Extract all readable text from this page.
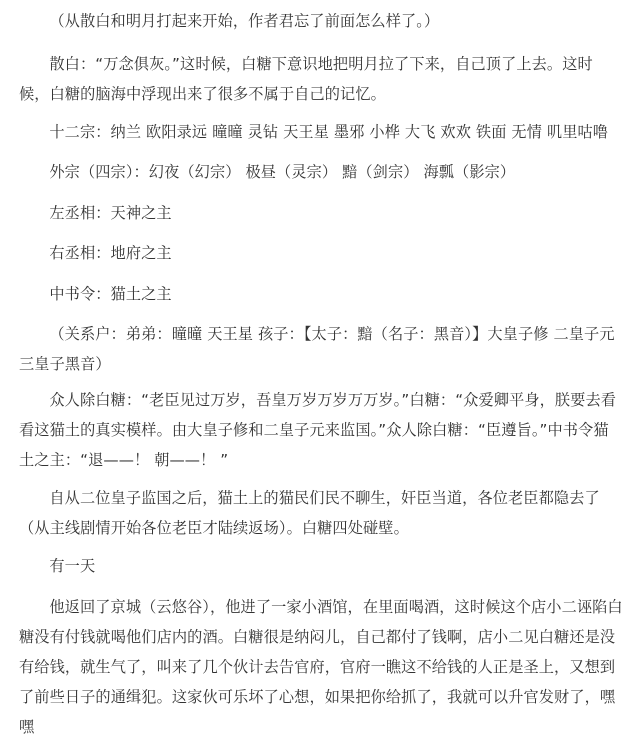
（从散白和明月打起来开始，作者君忘了前面怎么样了。）

散白：“万念俱灰。”这时候，白糖下意识地把明月拉了下来，自己顶了上去。这时候，白糖的脑海中浮现出来了很多不属于自己的记忆。

十二宗：纳兰 欧阳录远 曈曈 灵钻 天王星 墨邪 小桦 大飞 欢欢 铁面 无情 叽里咕噜

外宗（四宗）：幻夜（幻宗） 极昼（灵宗） 黯（剑宗） 海瓢（影宗）

左丞相：天神之主

右丞相：地府之主

中书令：猫土之主

（关系户：弟弟：曈曈 天王星 孩子：【太子：黯（名子：黑音）】大皇子修 二皇子元 三皇子黑音）

众人除白糖：“老臣见过万岁，吾皇万岁万岁万万岁。”白糖：“众爱卿平身，朕要去看看这猫土的真实模样。由大皇子修和二皇子元来监国。”众人除白糖：“臣遵旨。”中书令猫土之主：“退——！ 朝——！ ”

自从二位皇子监国之后，猫土上的猫民们民不聊生，奸臣当道，各位老臣都隐去了（从主线剧情开始各位老臣才陆续返场）。白糖四处碰壁。

有一天

他返回了京城（云悠谷），他进了一家小酒馆，在里面喝酒，这时候这个店小二诬陷白糖没有付钱就喝他们店内的酒。白糖很是纳闷儿，自己都付了钱啊，店小二见白糖还是没有给钱，就生气了，叫来了几个伙计去告官府，官府一瞧这不给钱的人正是圣上，又想到了前些日子的通缉犯。这家伙可乐坏了心想，如果把你给抓了，我就可以升官发财了，嘿嘿
